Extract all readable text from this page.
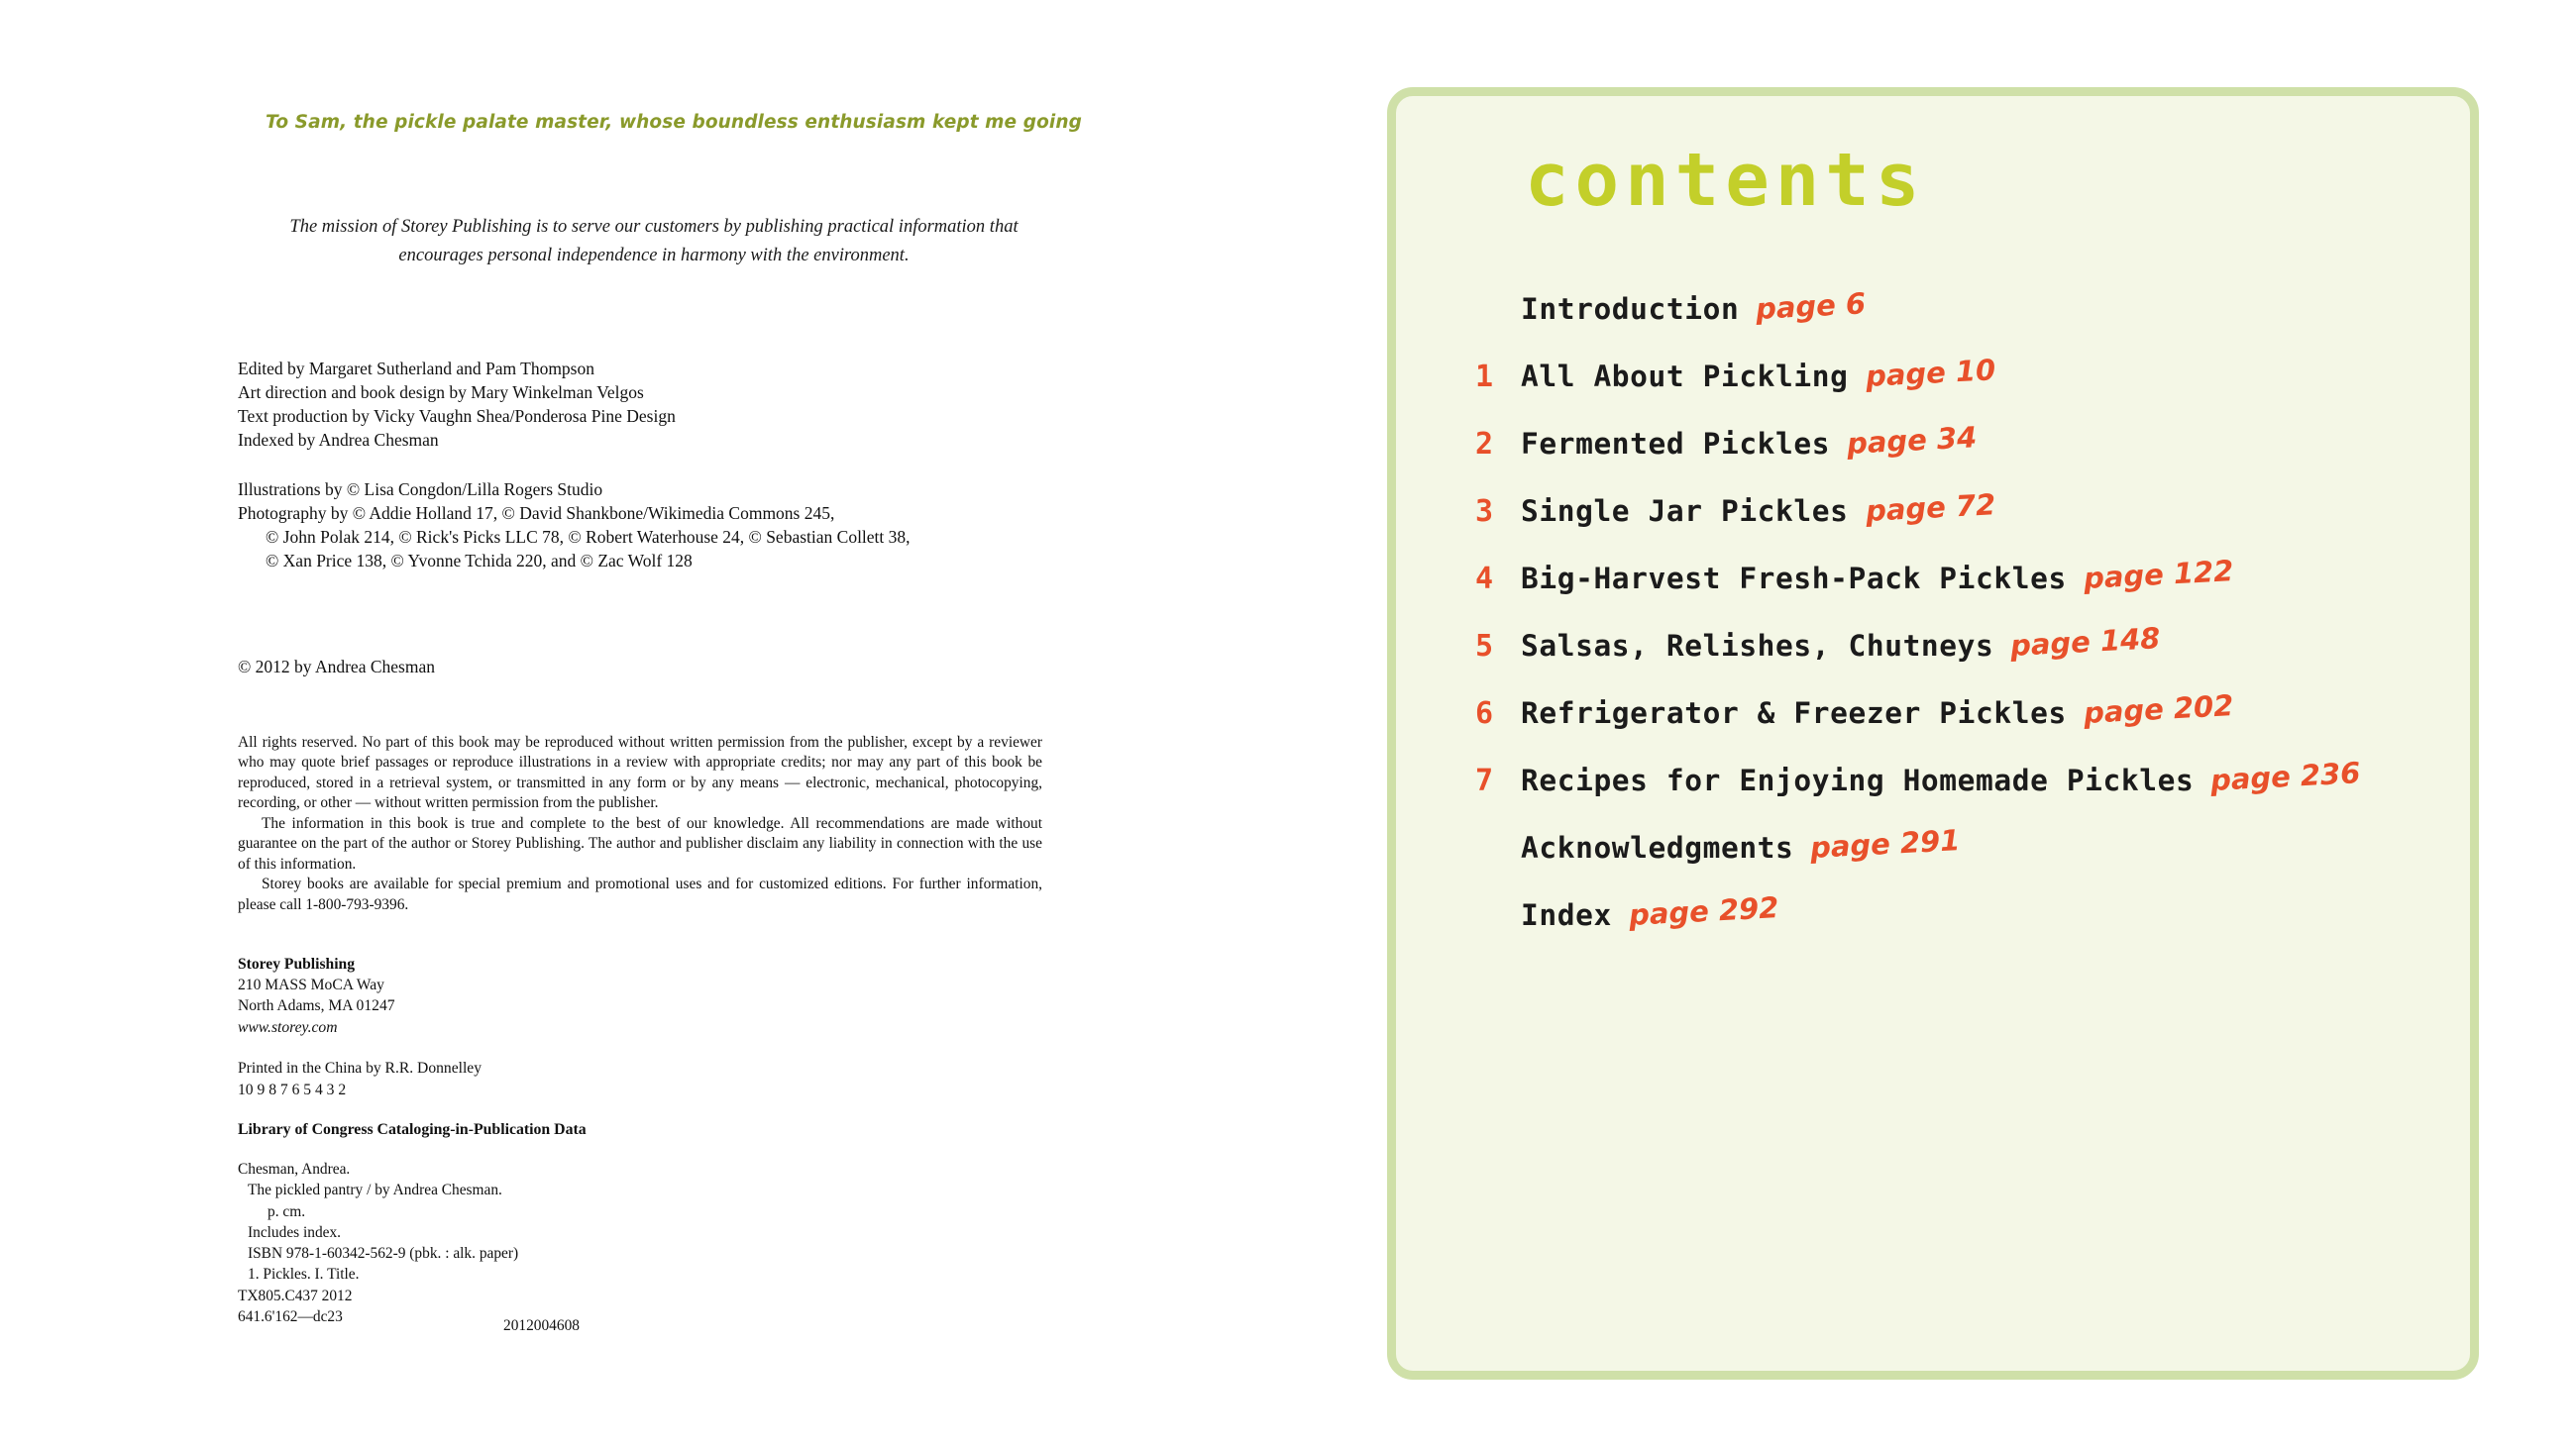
To Sam, the pickle palate master, whose boundless enthusiasm kept me going
The mission of Storey Publishing is to serve our customers by publishing practical information that encourages personal independence in harmony with the environment.
Edited by Margaret Sutherland and Pam Thompson
Art direction and book design by Mary Winkelman Velgos
Text production by Vicky Vaughn Shea/Ponderosa Pine Design
Indexed by Andrea Chesman
Illustrations by © Lisa Congdon/Lilla Rogers Studio
Photography by © Addie Holland 17, © David Shankbone/Wikimedia Commons 245,
© John Polak 214, © Rick's Picks LLC 78, © Robert Waterhouse 24, © Sebastian Collett 38,
© Xan Price 138, © Yvonne Tchida 220, and © Zac Wolf 128
© 2012 by Andrea Chesman

All rights reserved. No part of this book may be reproduced without written permission from the publisher, except by a reviewer who may quote brief passages or reproduce illustrations in a review with appropriate credits; nor may any part of this book be reproduced, stored in a retrieval system, or transmitted in any form or by any means — electronic, mechanical, photocopying, recording, or other — without written permission from the publisher.

The information in this book is true and complete to the best of our knowledge. All recommendations are made without guarantee on the part of the author or Storey Publishing. The author and publisher disclaim any liability in connection with the use of this information.

Storey books are available for special premium and promotional uses and for customized editions. For further information, please call 1-800-793-9396.

Storey Publishing
210 MASS MoCA Way
North Adams, MA 01247
www.storey.com
Printed in the China by R.R. Donnelley
10 9 8 7 6 5 4 3 2
Library of Congress Cataloging-in-Publication Data
Chesman, Andrea.
The pickled pantry / by Andrea Chesman.
p. cm.
Includes index.
ISBN 978-1-60342-562-9 (pbk. : alk. paper)
1. Pickles. I. Title.
TX805.C437 2012
641.6'162—dc23
2012004608
contents
Introduction page 6
1 All About Pickling page 10
2 Fermented Pickles page 34
3 Single Jar Pickles page 72
4 Big-Harvest Fresh-Pack Pickles page 122
5 Salsas, Relishes, Chutneys page 148
6 Refrigerator & Freezer Pickles page 202
7 Recipes for Enjoying Homemade Pickles page 236
Acknowledgments page 291
Index page 292
